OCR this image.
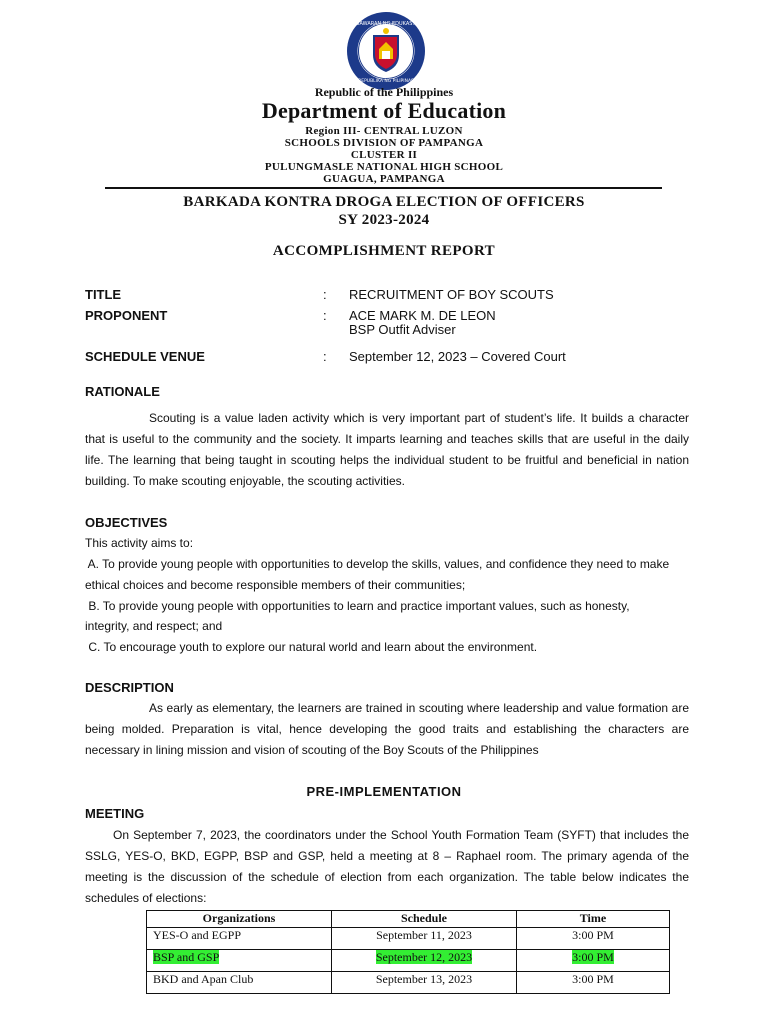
KAGAWARAN NG EDUKASYON
REPUBLIKA NG PILIPINAS
Republic of the Philippines
Department of Education
Region III- CENTRAL LUZON
SCHOOLS DIVISION OF PAMPANGA
CLUSTER II
PULUNGMASLE NATIONAL HIGH SCHOOL
GUAGUA, PAMPANGA
BARKADA KONTRA DROGA ELECTION OF OFFICERS
SY 2023-2024
ACCOMPLISHMENT REPORT
TITLE	: RECRUITMENT OF BOY SCOUTS
PROPONENT	: ACE MARK M. DE LEON
BSP Outfit Adviser
SCHEDULE VENUE	: September 12, 2023 – Covered Court
RATIONALE
Scouting is a value laden activity which is very important part of student’s life. It builds a character that is useful to the community and the society. It imparts learning and teaches skills that are useful in the daily life. The learning that being taught in scouting helps the individual student to be fruitful and beneficial in nation building. To make scouting enjoyable, the scouting activities.
OBJECTIVES
This activity aims to:
A. To provide young people with opportunities to develop the skills, values, and confidence they need to make
ethical choices and become responsible members of their communities;
B. To provide young people with opportunities to learn and practice important values, such as honesty,
integrity, and respect; and
C. To encourage youth to explore our natural world and learn about the environment.
DESCRIPTION
As early as elementary, the learners are trained in scouting where leadership and value formation are being molded. Preparation is vital, hence developing the good traits and establishing the characters are necessary in lining mission and vision of scouting of the Boy Scouts of the Philippines
PRE-IMPLEMENTATION
MEETING
On September 7, 2023, the coordinators under the School Youth Formation Team (SYFT) that includes the SSLG, YES-O, BKD, EGPP, BSP and GSP, held a meeting at 8 – Raphael room. The primary agenda of the meeting is the discussion of the schedule of election from each organization. The table below indicates the schedules of elections:
Organizations	Schedule	Time
YES-O and EGPP	September 11, 2023	3:00 PM
BSP and GSP	September 12, 2023	3:00 PM
BKD and Apan Club	September 13, 2023	3:00 PM
